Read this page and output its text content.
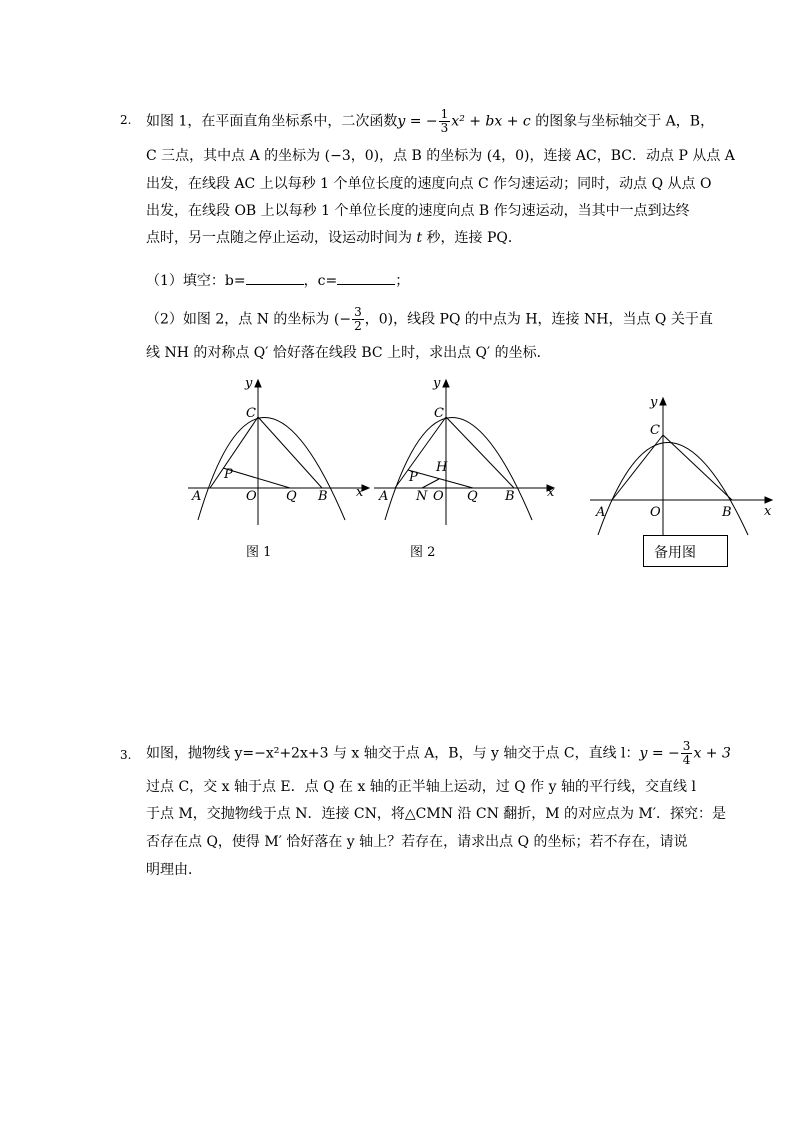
2. 如图 1，在平面直角坐标系中，二次函数y = − $\frac{1}{3} x^2$ + bx + c 的图象与坐标轴交于 A，B，
C 三点，其中点 A 的坐标为 (−3，0)，点 B 的坐标为 (4，0)，连接 AC，BC．动点 P 从点 A
出发，在线段 AC 上以每秒 1 个单位长度的速度向点 C 作匀速运动；同时，动点 Q 从点 O
出发，在线段 OB 上以每秒 1 个单位长度的速度向点 B 作匀速运动，当其中一点到达终
点时，另一点随之停止运动，设运动时间为 t 秒，连接 PQ．
（1）填空：b=	，c=	；
（2）如图 2，点 N 的坐标为 (− $\frac{3}{2}$ ，0)，线段 PQ 的中点为 H，连接 NH，当点 Q 关于直
线 NH 的对称点 Q′ 恰好落在线段 BC 上时，求出点 Q′ 的坐标．
y
x
C
A
P
O Q B
y
x
C
H
P
A N O Q B
y
C
x
A	O	B
图 1	图 2	备用图
3. 如图，抛物线 y=−x²+2x+3 与 x 轴交于点 A，B，与 y 轴交于点 C，直线 l：y = − $\frac{3}{4}$ x + 3
过点 C，交 x 轴于点 E．点 Q 在 x 轴的正半轴上运动，过 Q 作 y 轴的平行线，交直线 l
于点 M，交抛物线于点 N．连接 CN，将△CMN 沿 CN 翻折，M 的对应点为 M′．探究：是
否存在点 Q，使得 M′ 恰好落在 y 轴上？若存在，请求出点 Q 的坐标；若不存在，请说
明理由．
